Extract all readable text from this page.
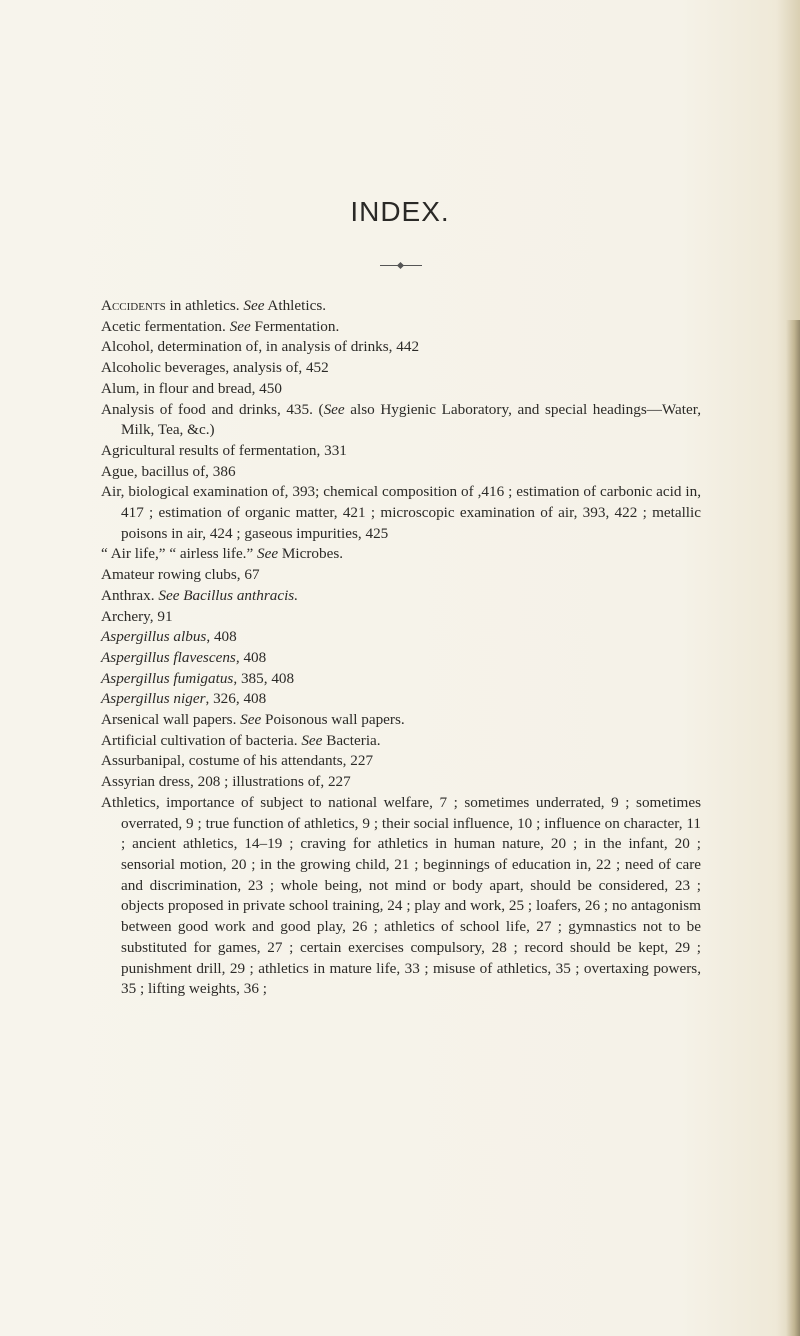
INDEX.

Accidents in athletics. See Athletics.

Acetic fermentation. See Fermentation.

Alcohol, determination of, in analysis of drinks, 442

Alcoholic beverages, analysis of, 452

Alum, in flour and bread, 450

Analysis of food and drinks, 435. (See also Hygienic Laboratory, and special headings—Water, Milk, Tea, &c.)

Agricultural results of fermentation, 331

Ague, bacillus of, 386

Air, biological examination of, 393; chemical composition of ,416 ; estimation of carbonic acid in, 417 ; estimation of organic matter, 421 ; microscopic examination of air, 393, 422 ; metallic poisons in air, 424 ; gaseous impurities, 425

“ Air life,” “ airless life.” See Microbes.

Amateur rowing clubs, 67

Anthrax. See Bacillus anthracis.

Archery, 91

Aspergillus albus, 408

Aspergillus flavescens, 408

Aspergillus fumigatus, 385, 408

Aspergillus niger, 326, 408

Arsenical wall papers. See Poisonous wall papers.

Artificial cultivation of bacteria. See Bacteria.

Assurbanipal, costume of his attendants, 227

Assyrian dress, 208 ; illustrations of, 227

Athletics, importance of subject to national welfare, 7 ; sometimes underrated, 9 ; sometimes overrated, 9 ; true function of athletics, 9 ; their social influence, 10 ; influence on character, 11 ; ancient athletics, 14–19 ; craving for athletics in human nature, 20 ; in the infant, 20 ; sensorial motion, 20 ; in the growing child, 21 ; beginnings of education in, 22 ; need of care and discrimination, 23 ; whole being, not mind or body apart, should be considered, 23 ; objects proposed in private school training, 24 ; play and work, 25 ; loafers, 26 ; no antagonism between good work and good play, 26 ; athletics of school life, 27 ; gymnastics not to be substituted for games, 27 ; certain exercises compulsory, 28 ; record should be kept, 29 ; punishment drill, 29 ; athletics in mature life, 33 ; misuse of athletics, 35 ; overtaxing powers, 35 ; lifting weights, 36 ;
